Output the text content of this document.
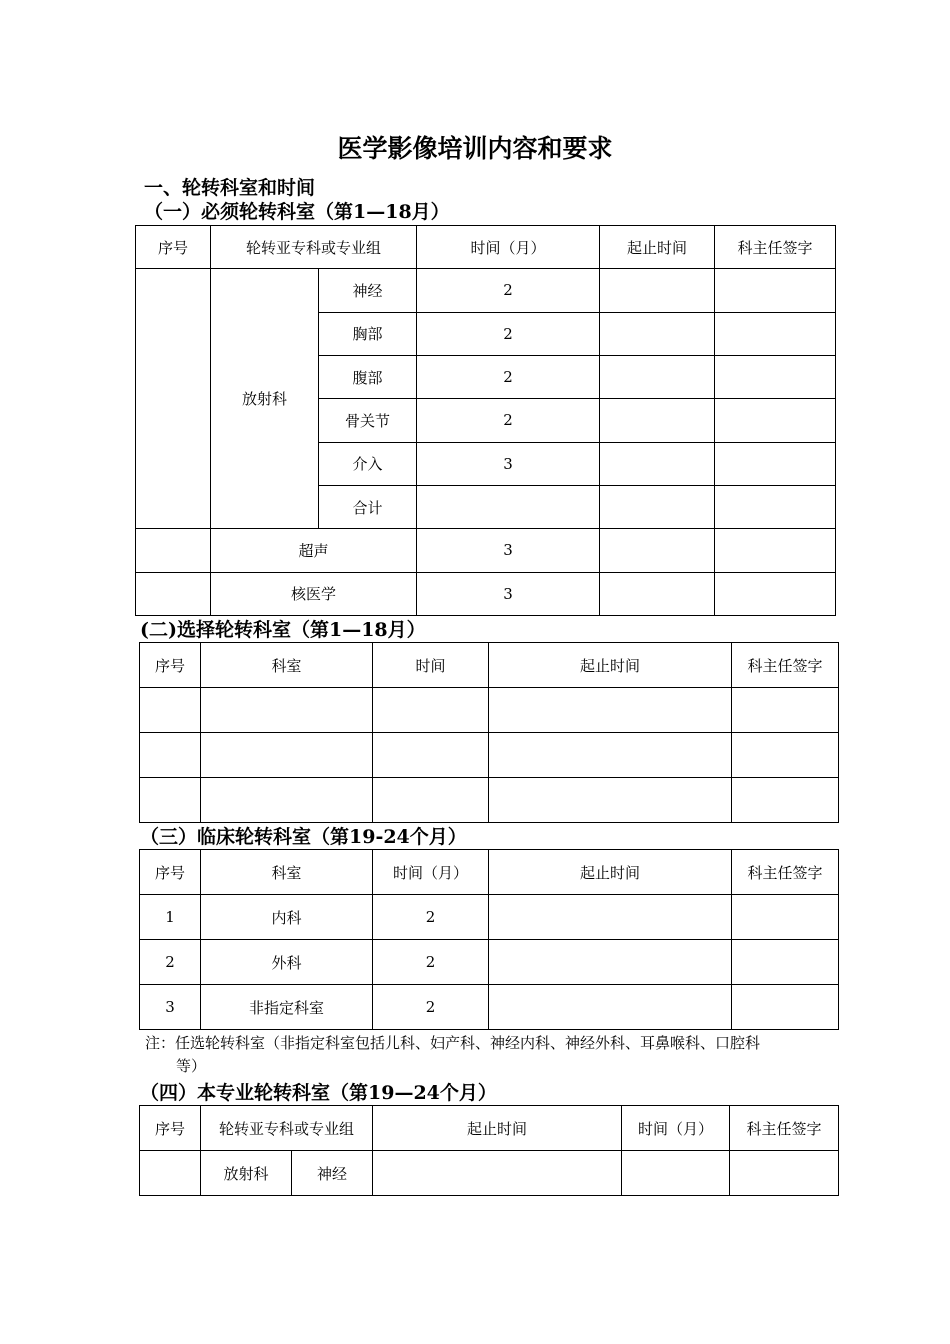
医学影像培训内容和要求
一、轮转科室和时间
（一）必须轮转科室（第1—18月）
序号	轮转亚专科或专业组		时间（月）	起止时间	科主任签字
	放射科	神经	2		
		胸部	2		
		腹部	2		
		骨关节	2		
		介入	3		
		合计			
	超声		3		
	核医学		3		
(二)选择轮转科室（第1—18月）
序号	科室	时间	起止时间	科主任签字

（三）临床轮转科室（第19-24个月）
序号	科室	时间（月）	起止时间	科主任签字
1	内科	2		
2	外科	2		
3	非指定科室	2		
注：任选轮转科室（非指定科室包括儿科、妇产科、神经内科、神经外科、耳鼻喉科、口腔科
等）
（四）本专业轮转科室（第19—24个月）
序号	轮转亚专科或专业组		起止时间	时间（月）	科主任签字
	放射科	神经			
